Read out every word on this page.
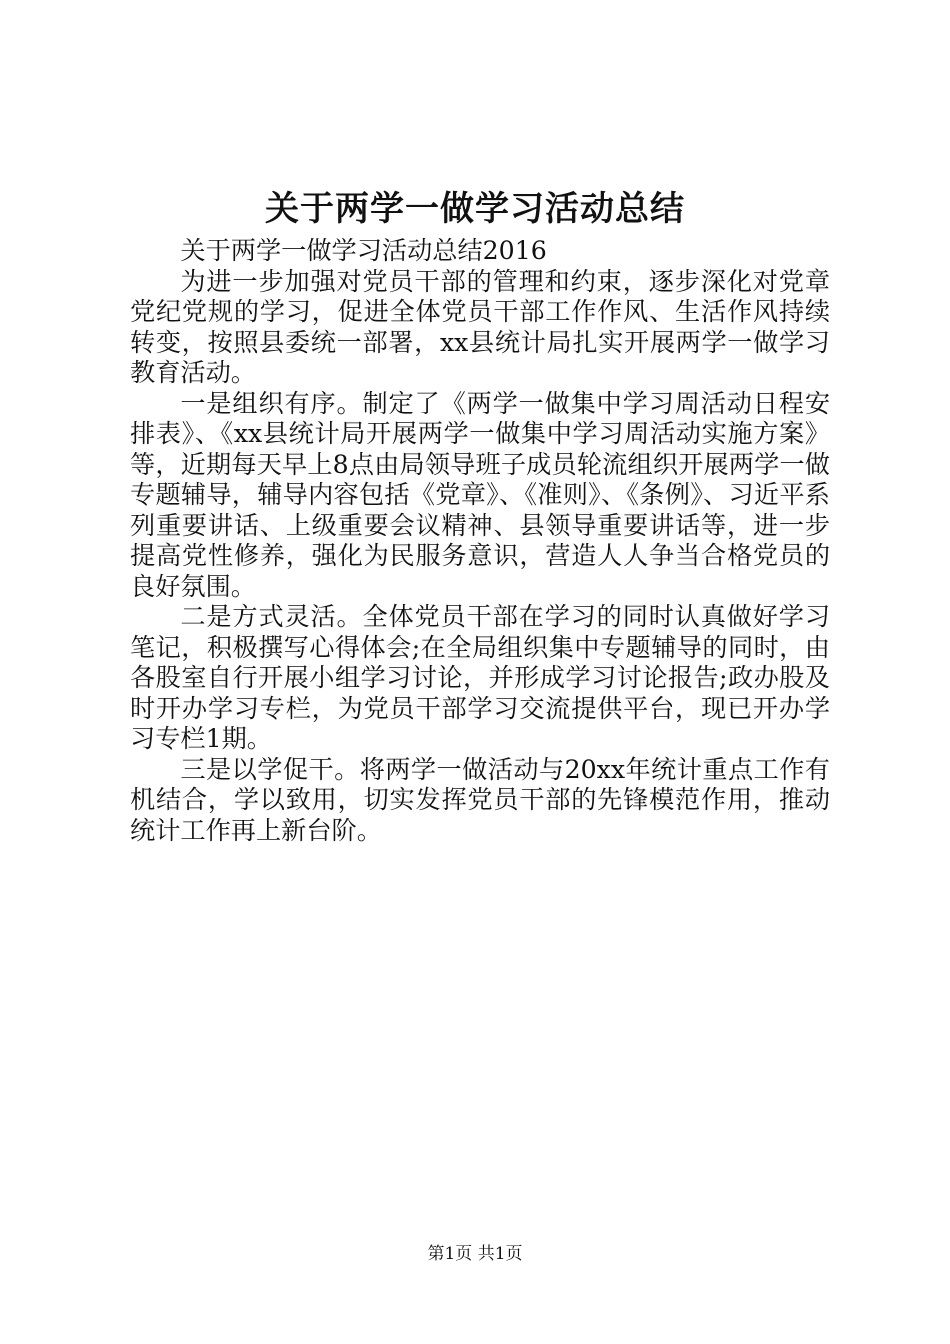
关于两学一做学习活动总结

关于两学一做学习活动总结2016

为进一步加强对党员干部的管理和约束，逐步深化对党章党纪党规的学习，促进全体党员干部工作作风、生活作风持续转变，按照县委统一部署，xx县统计局扎实开展两学一做学习教育活动。

一是组织有序。制定了《两学一做集中学习周活动日程安排表》、《xx县统计局开展两学一做集中学习周活动实施方案》等，近期每天早上8点由局领导班子成员轮流组织开展两学一做专题辅导，辅导内容包括《党章》、《准则》、《条例》、习近平系列重要讲话、上级重要会议精神、县领导重要讲话等，进一步提高党性修养，强化为民服务意识，营造人人争当合格党员的良好氛围。

二是方式灵活。全体党员干部在学习的同时认真做好学习笔记，积极撰写心得体会;在全局组织集中专题辅导的同时，由各股室自行开展小组学习讨论，并形成学习讨论报告;政办股及时开办学习专栏，为党员干部学习交流提供平台，现已开办学习专栏1期。

三是以学促干。将两学一做活动与20xx年统计重点工作有机结合，学以致用，切实发挥党员干部的先锋模范作用，推动统计工作再上新台阶。

第1页 共1页
